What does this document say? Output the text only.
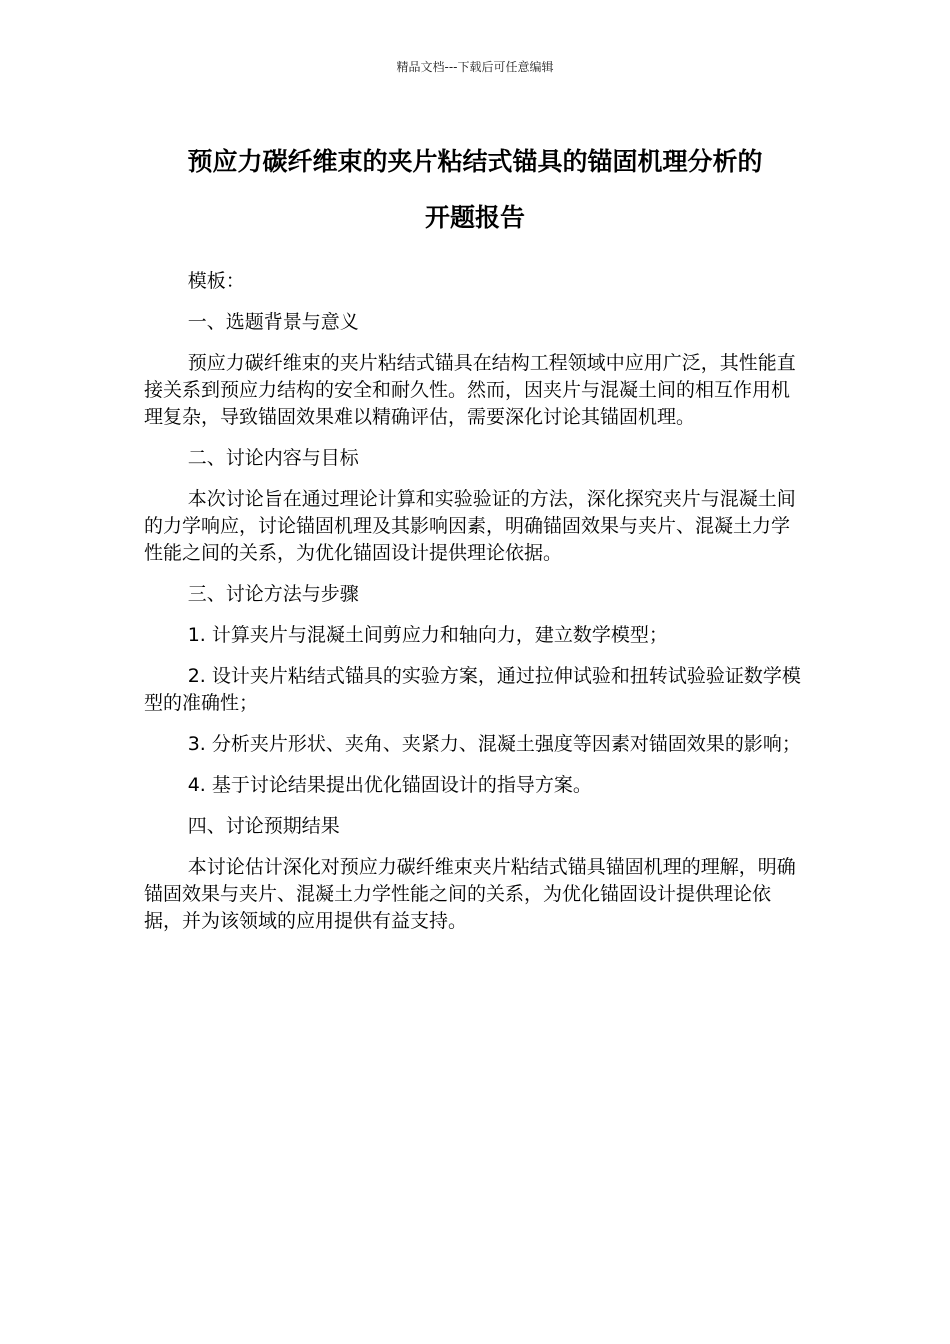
精品文档---下载后可任意编辑
预应力碳纤维束的夹片粘结式锚具的锚固机理分析的
开题报告

模板：

一、选题背景与意义

预应力碳纤维束的夹片粘结式锚具在结构工程领域中应用广泛，其性能直接关系到预应力结构的安全和耐久性。然而，因夹片与混凝土间的相互作用机理复杂，导致锚固效果难以精确评估，需要深化讨论其锚固机理。

二、讨论内容与目标

本次讨论旨在通过理论计算和实验验证的方法，深化探究夹片与混凝土间的力学响应，讨论锚固机理及其影响因素，明确锚固效果与夹片、混凝土力学性能之间的关系，为优化锚固设计提供理论依据。

三、讨论方法与步骤

1. 计算夹片与混凝土间剪应力和轴向力，建立数学模型；

2. 设计夹片粘结式锚具的实验方案，通过拉伸试验和扭转试验验证数学模型的准确性；

3. 分析夹片形状、夹角、夹紧力、混凝土强度等因素对锚固效果的影响；

4. 基于讨论结果提出优化锚固设计的指导方案。

四、讨论预期结果

本讨论估计深化对预应力碳纤维束夹片粘结式锚具锚固机理的理解，明确锚固效果与夹片、混凝土力学性能之间的关系，为优化锚固设计提供理论依据，并为该领域的应用提供有益支持。
